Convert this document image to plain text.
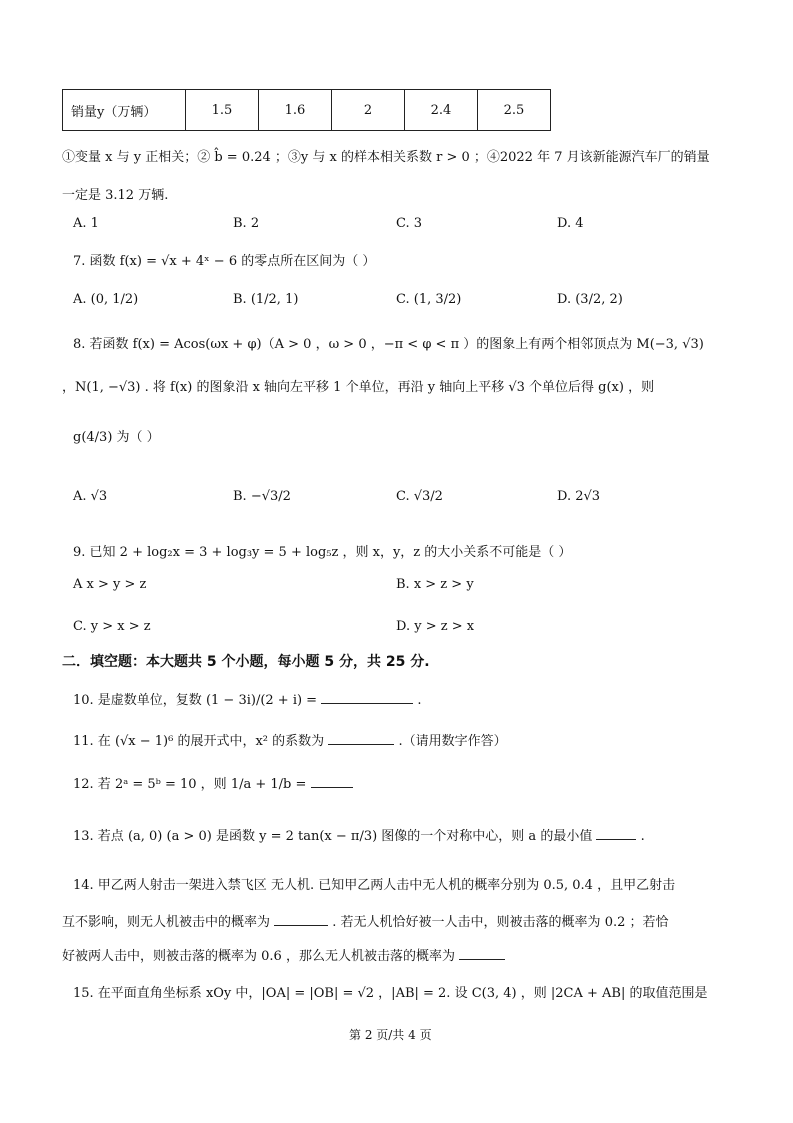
销量y（万辆）	1.5	1.6	2	2.4	2.5
①变量 x 与 y 正相关；② b̂ = 0.24 ；③y 与 x 的样本相关系数 r > 0 ；④2022 年 7 月该新能源汽车厂的销量
一定是 3.12 万辆.
A. 1	B. 2	C. 3	D. 4
7. 函数 f(x) = √x + 4ˣ − 6 的零点所在区间为（ ）
A. (0, 1/2)	B. (1/2, 1)	C. (1, 3/2)	D. (3/2, 2)
8. 若函数 f(x) = Acos(ωx + φ)（A > 0 ，ω > 0 ，−π < φ < π ）的图象上有两个相邻顶点为 M(−3, √3)
，N(1, −√3) . 将 f(x) 的图象沿 x 轴向左平移 1 个单位，再沿 y 轴向上平移 √3 个单位后得 g(x) ，则
g(4/3) 为（ ）
A. √3	B. −√3/2	C. √3/2	D. 2√3
9. 已知 2 + log₂x = 3 + log₃y = 5 + log₅z ，则 x，y，z 的大小关系不可能是（ ）
A x > y > z	B. x > z > y
C. y > x > z	D. y > z > x
二．填空题：本大题共 5 个小题，每小题 5 分，共 25 分.
10. 是虚数单位，复数 (1 − 3i)/(2 + i) =	.
11. 在 (√x − 1)⁶ 的展开式中，x² 的系数为	.（请用数字作答）
12. 若 2ᵃ = 5ᵇ = 10 ，则 1/a + 1/b =
13. 若点 (a, 0) (a > 0) 是函数 y = 2 tan(x − π/3) 图像的一个对称中心，则 a 的最小值	.
14. 甲乙两人射击一架进入禁飞区 无人机. 已知甲乙两人击中无人机的概率分别为 0.5, 0.4 ，且甲乙射击
互不影响，则无人机被击中的概率为	. 若无人机恰好被一人击中，则被击落的概率为 0.2 ；若恰
好被两人击中，则被击落的概率为 0.6 ，那么无人机被击落的概率为
15. 在平面直角坐标系 xOy 中，|OA| = |OB| = √2 ，|AB| = 2. 设 C(3, 4) ，则 |2CA + AB| 的取值范围是
第 2 页/共 4 页
